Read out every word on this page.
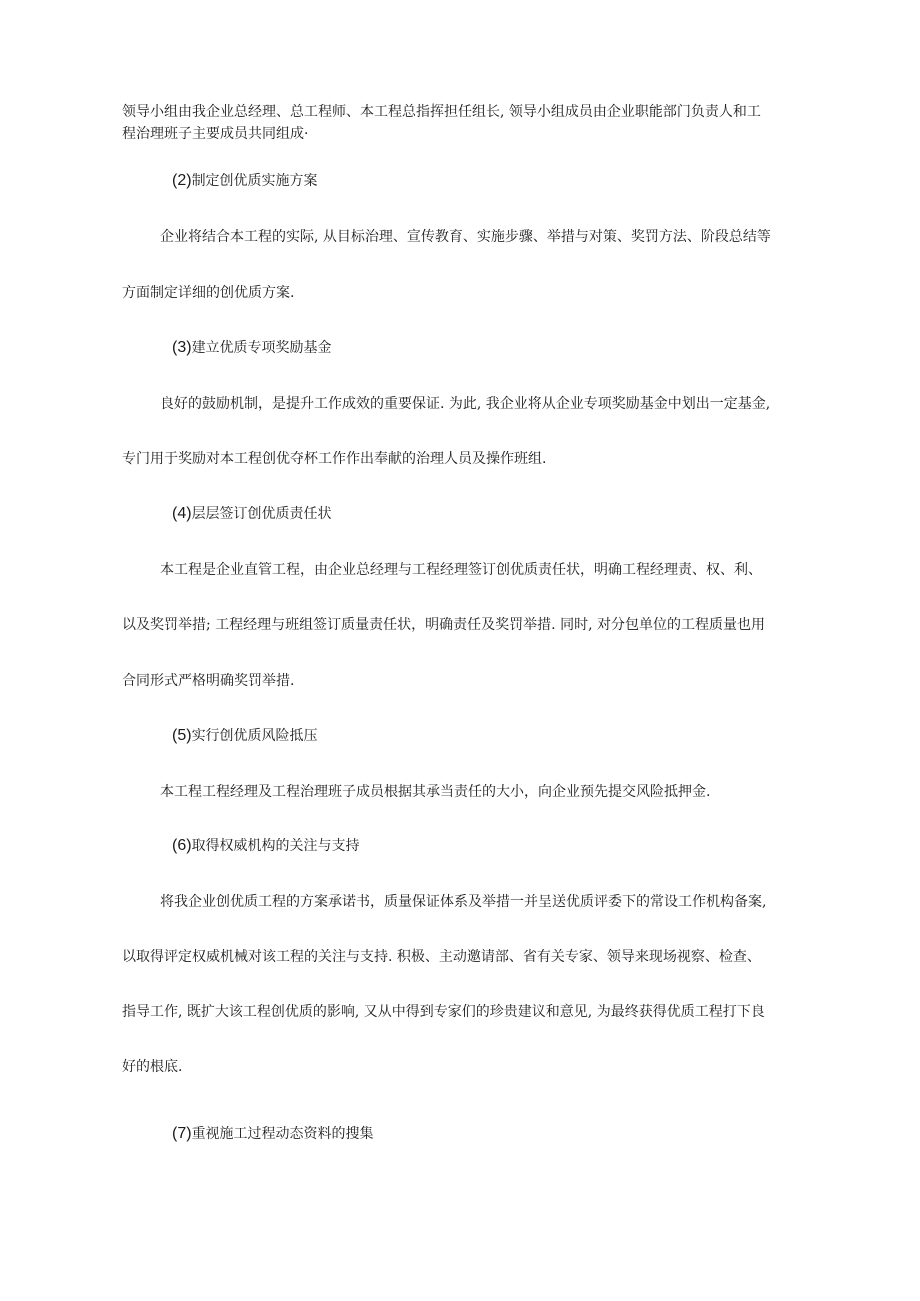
领导小组由我企业总经理、总工程师、本工程总指挥担任组长, 领导小组成员由企业职能部门负责人和工
程治理班子主要成员共同组成·
(2)制定创优质实施方案
企业将结合本工程的实际, 从目标治理、宣传教育、实施步骤、举措与对策、奖罚方法、阶段总结等
方面制定详细的创优质方案.
(3)建立优质专项奖励基金
良好的鼓励机制，是提升工作成效的重要保证. 为此, 我企业将从企业专项奖励基金中划出一定基金,
专门用于奖励对本工程创优夺杯工作作出奉献的治理人员及操作班组.
(4)层层签订创优质责任状
本工程是企业直管工程，由企业总经理与工程经理签订创优质责任状，明确工程经理责、权、利、
以及奖罚举措; 工程经理与班组签订质量责任状，明确责任及奖罚举措. 同时, 对分包单位的工程质量也用
合同形式严格明确奖罚举措.
(5)实行创优质风险抵压
本工程工程经理及工程治理班子成员根据其承当责任的大小，向企业预先提交风险抵押金.
(6)取得权威机构的关注与支持
将我企业创优质工程的方案承诺书，质量保证体系及举措一并呈送优质评委下的常设工作机构备案,
以取得评定权威机械对该工程的关注与支持. 积极、主动邀请部、省有关专家、领导来现场视察、检查、
指导工作, 既扩大该工程创优质的影响, 又从中得到专家们的珍贵建议和意见, 为最终获得优质工程打下良
好的根底.
(7)重视施工过程动态资料的搜集
